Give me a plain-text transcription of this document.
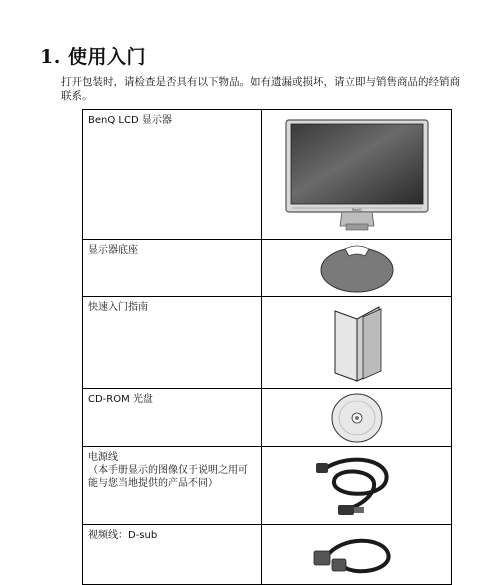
1. 使用入门
打开包装时，请检查是否具有以下物品。如有遗漏或损坏，请立即与销售商品的经销商联系。
BenQ LCD 显示器	BenQ

显示器底座	

快速入门指南	

CD-ROM 光盘	

电源线
（本手册显示的图像仅于说明之用可能与您当地提供的产品不同）

视频线：D-sub	
